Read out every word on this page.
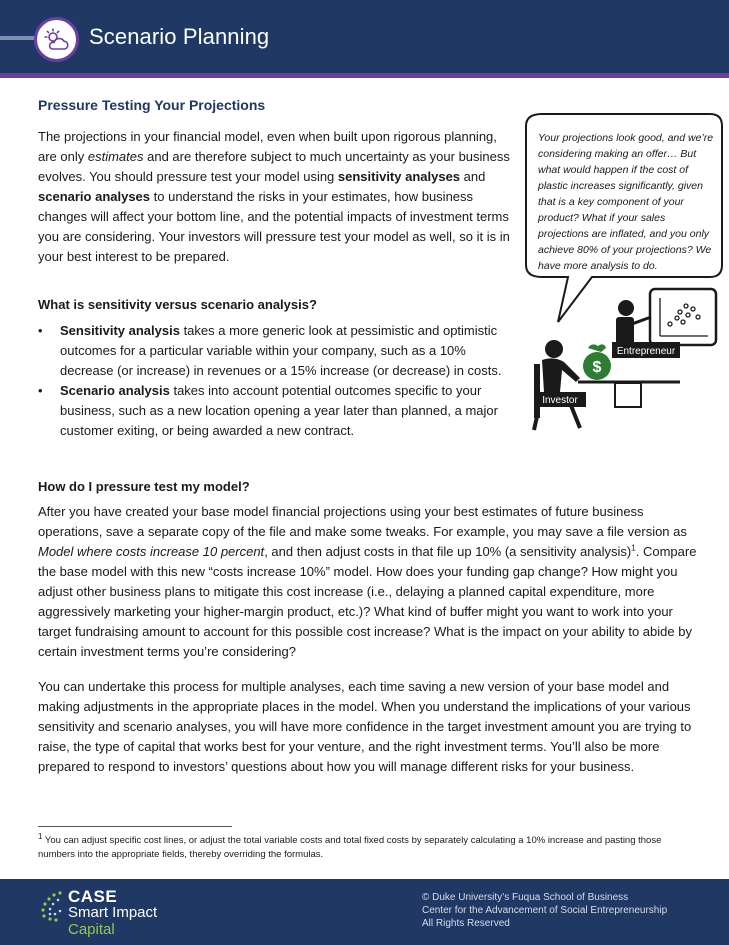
Scenario Planning
Pressure Testing Your Projections
The projections in your financial model, even when built upon rigorous planning, are only estimates and are therefore subject to much uncertainty as your business evolves. You should pressure test your model using sensitivity analyses and scenario analyses to understand the risks in your estimates, how business changes will affect your bottom line, and the potential impacts of investment terms you are considering. Your investors will pressure test your model as well, so it is in your best interest to be prepared.
Entrepreneur
$
Investor
Your projections look good, and we’re considering making an offer… But what would happen if the cost of plastic increases significantly, given that is a key component of your product? What if your sales projections are inflated, and you only achieve 80% of your projections? We have more analysis to do.
What is sensitivity versus scenario analysis?
• Sensitivity analysis takes a more generic look at pessimistic and optimistic outcomes for a particular variable within your company, such as a 10% decrease (or increase) in revenues or a 15% increase (or decrease) in costs.
• Scenario analysis takes into account potential outcomes specific to your business, such as a new location opening a year later than planned, a major customer exiting, or being awarded a new contract.
How do I pressure test my model?
After you have created your base model financial projections using your best estimates of future business operations, save a separate copy of the file and make some tweaks. For example, you may save a file version as Model where costs increase 10 percent, and then adjust costs in that file up 10% (a sensitivity analysis)$^1$. Compare the base model with this new “costs increase 10%” model. How does your funding gap change? How might you adjust other business plans to mitigate this cost increase (i.e., delaying a planned capital expenditure, more aggressively marketing your higher-margin product, etc.)? What kind of buffer might you want to work into your target fundraising amount to account for this possible cost increase? What is the impact on your ability to abide by certain investment terms you’re considering?
You can undertake this process for multiple analyses, each time saving a new version of your base model and making adjustments in the appropriate places in the model. When you understand the implications of your various sensitivity and scenario analyses, you will have more confidence in the target investment amount you are trying to raise, the type of capital that works best for your venture, and the right investment terms. You’ll also be more prepared to respond to investors’ questions about how you will manage different risks for your business.
$^1$ You can adjust specific cost lines, or adjust the total variable costs and total fixed costs by separately calculating a 10% increase and pasting those numbers into the appropriate fields, thereby overriding the formulas.
CASE
Smart Impact
Capital
© Duke University’s Fuqua School of Business
Center for the Advancement of Social Entrepreneurship
All Rights Reserved
